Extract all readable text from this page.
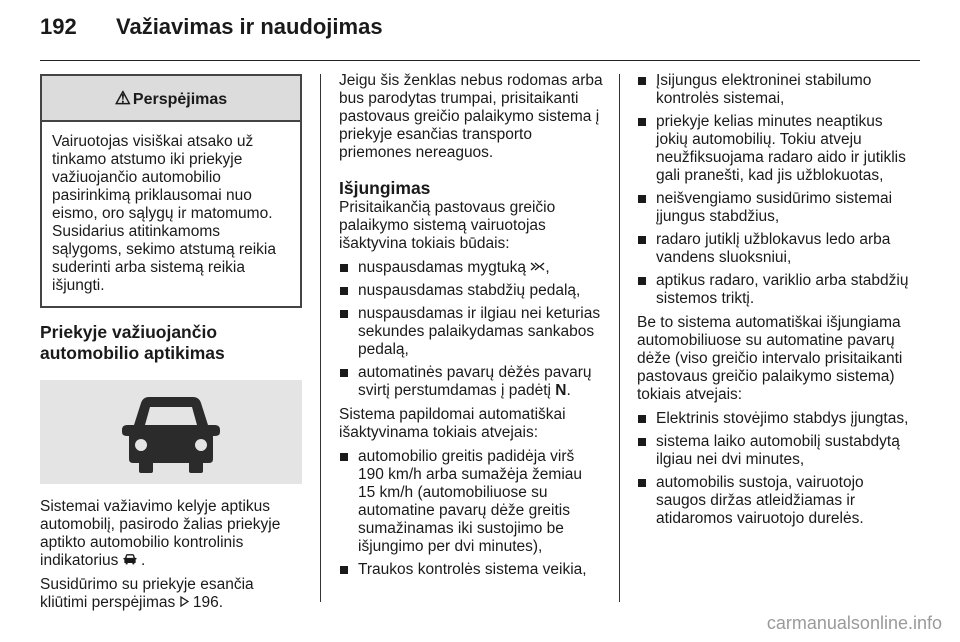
192 Važiavimas ir naudojimas
⚠ Perspėjimas
Vairuotojas visiškai atsako už tinkamo atstumo iki priekyje važiuojančio automobilio pasirinkimą priklausomai nuo eismo, oro sąlygų ir matomumo. Susidarius atitinkamoms sąlygoms, sekimo atstumą reikia suderinti arba sistemą reikia išjungti.
Priekyje važiuojančio automobilio aptikimas

Sistemai važiavimo kelyje aptikus automobilį, pasirodo žalias priekyje aptikto automobilio kontrolinis indikatorius .

Susidūrimo su priekyje esančia kliūtimi perspėjimas 196.

Jeigu šis ženklas nebus rodomas arba bus parodytas trumpai, prisitaikanti pastovaus greičio palaikymo sistema į priekyje esančias transporto priemones nereaguos.

Išjungimas

Prisitaikančią pastovaus greičio palaikymo sistemą vairuotojas išaktyvina tokiais būdais:

nuspausdamas mygtuką ,
nuspausdamas stabdžių pedalą,
nuspausdamas ir ilgiau nei keturias sekundes palaikydamas sankabos pedalą,
automatinės pavarų dėžės pavarų svirtį perstumdamas į padėtį N.

Sistema papildomai automatiškai išaktyvinama tokiais atvejais:

automobilio greitis padidėja virš 190 km/h arba sumažėja žemiau 15 km/h (automobiliuose su automatine pavarų dėže greitis sumažinamas iki sustojimo be išjungimo per dvi minutes),
Traukos kontrolės sistema veikia,
Įsijungus elektroninei stabilumo kontrolės sistemai,
priekyje kelias minutes neaptikus jokių automobilių. Tokiu atveju neužfiksuojama radaro aido ir jutiklis gali pranešti, kad jis užblokuotas,
neišvengiamo susidūrimo sistemai įjungus stabdžius,
radaro jutiklį užblokavus ledo arba vandens sluoksniui,
aptikus radaro, variklio arba stabdžių sistemos triktį.

Be to sistema automatiškai išjungiama automobiliuose su automatine pavarų dėže (viso greičio intervalo prisitaikanti pastovaus greičio palaikymo sistema) tokiais atvejais:

Elektrinis stovėjimo stabdys įjungtas,
sistema laiko automobilį sustabdytą ilgiau nei dvi minutes,
automobilis sustoja, vairuotojo saugos diržas atleidžiamas ir atidaromos vairuotojo durelės.
carmanualsonline.info
